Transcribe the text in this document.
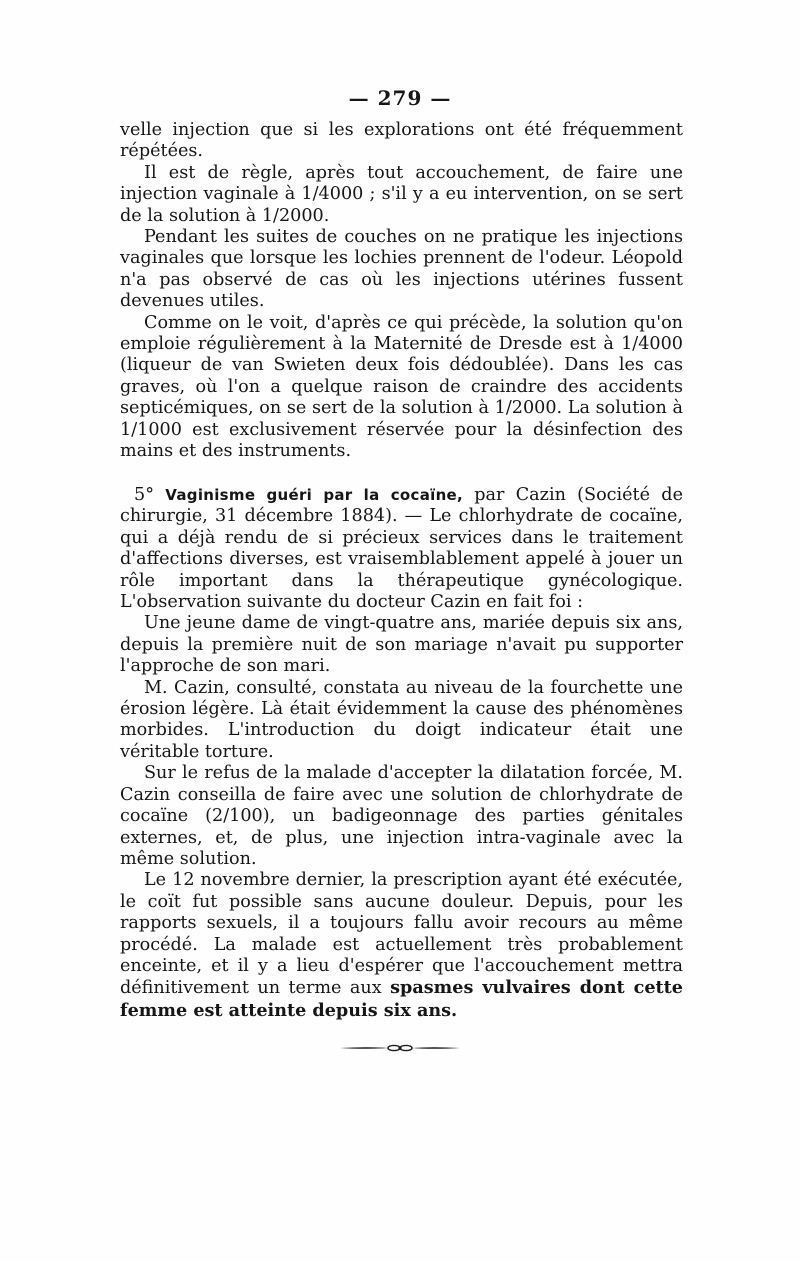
— 279 —

velle injection que si les explorations ont été fréquemment répétées.

Il est de règle, après tout accouchement, de faire une injection vaginale à 1/4000 ; s'il y a eu intervention, on se sert de la solution à 1/2000.

Pendant les suites de couches on ne pratique les injections vaginales que lorsque les lochies prennent de l'odeur. Léopold n'a pas observé de cas où les injections utérines fussent devenues utiles.

Comme on le voit, d'après ce qui précède, la solution qu'on emploie régulièrement à la Maternité de Dresde est à 1/4000 (liqueur de van Swieten deux fois dédoublée). Dans les cas graves, où l'on a quelque raison de craindre des accidents septicémiques, on se sert de la solution à 1/2000. La solution à 1/1000 est exclusivement réservée pour la désinfection des mains et des instruments.

5° Vaginisme guéri par la cocaïne, par Cazin (Société de chirurgie, 31 décembre 1884). — Le chlorhydrate de cocaïne, qui a déjà rendu de si précieux services dans le traitement d'affections diverses, est vraisemblablement appelé à jouer un rôle important dans la thérapeutique gynécologique. L'observation suivante du docteur Cazin en fait foi :

Une jeune dame de vingt-quatre ans, mariée depuis six ans, depuis la première nuit de son mariage n'avait pu supporter l'approche de son mari.

M. Cazin, consulté, constata au niveau de la fourchette une érosion légère. Là était évidemment la cause des phénomènes morbides. L'introduction du doigt indicateur était une véritable torture.

Sur le refus de la malade d'accepter la dilatation forcée, M. Cazin conseilla de faire avec une solution de chlorhydrate de cocaïne (2/100), un badigeonnage des parties génitales externes, et, de plus, une injection intra-vaginale avec la même solution.

Le 12 novembre dernier, la prescription ayant été exécutée, le coït fut possible sans aucune douleur. Depuis, pour les rapports sexuels, il a toujours fallu avoir recours au même procédé. La malade est actuellement très probablement enceinte, et il y a lieu d'espérer que l'accouchement mettra définitivement un terme aux spasmes vulvaires dont cette femme est atteinte depuis six ans.
